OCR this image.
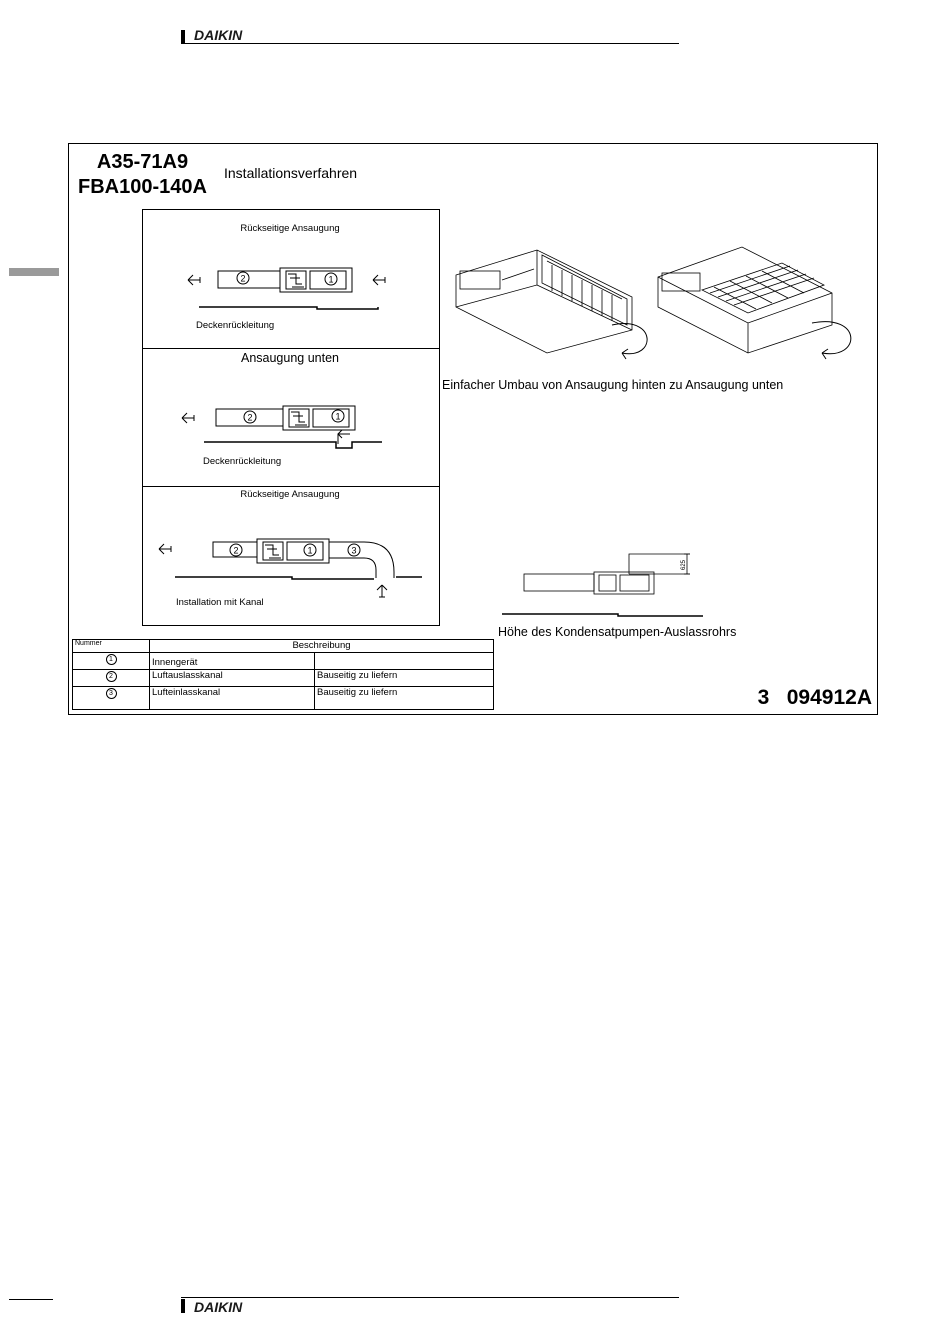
DAIKIN
A35-71A9
FBA100-140A
Installationsverfahren
Rückseitige Ansaugung
2	1
Deckenrückleitung
Ansaugung unten
2	1
Deckenrückleitung
Rückseitige Ansaugung
2	1	3
Installation mit Kanal
Einfacher Umbau von Ansaugung hinten zu Ansaugung unten
625
Höhe des Kondensatpumpen-Auslassrohrs
Nummer	Beschreibung	
1	Innengerät	
2	Luftauslasskanal	Bauseitig zu liefern
3	Lufteinlasskanal	Bauseitig zu liefern	3   094912A
DAIKIN
